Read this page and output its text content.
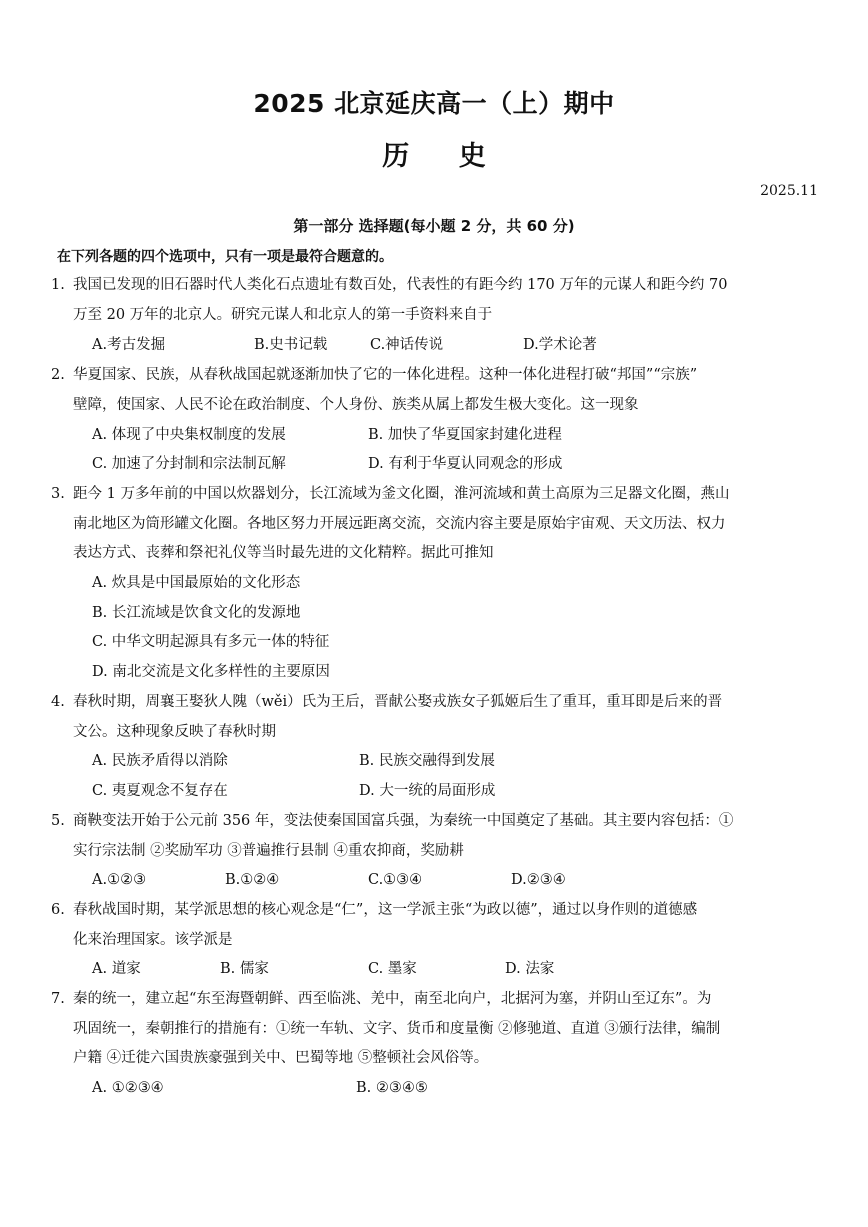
2025 北京延庆高一（上）期中
历 史
2025.11
第一部分 选择题(每小题 2 分，共 60 分)
在下列各题的四个选项中，只有一项是最符合题意的。
1. 我国已发现的旧石器时代人类化石点遗址有数百处，代表性的有距今约 170 万年的元谋人和距今约 70
万至 20 万年的北京人。研究元谋人和北京人的第一手资料来自于
A.考古发掘	B.史书记载	C.神话传说	D.学术论著
2. 华夏国家、民族，从春秋战国起就逐渐加快了它的一体化进程。这种一体化进程打破“邦国”“宗族”
壁障，使国家、人民不论在政治制度、个人身份、族类从属上都发生极大变化。这一现象
A. 体现了中央集权制度的发展	B. 加快了华夏国家封建化进程
C. 加速了分封制和宗法制瓦解	D. 有利于华夏认同观念的形成
3. 距今 1 万多年前的中国以炊器划分，长江流域为釜文化圈，淮河流域和黄土高原为三足器文化圈，燕山
南北地区为筒形罐文化圈。各地区努力开展远距离交流，交流内容主要是原始宇宙观、天文历法、权力
表达方式、丧葬和祭祀礼仪等当时最先进的文化精粹。据此可推知
A. 炊具是中国最原始的文化形态
B. 长江流域是饮食文化的发源地
C. 中华文明起源具有多元一体的特征
D. 南北交流是文化多样性的主要原因
4. 春秋时期，周襄王娶狄人隗（wěi）氏为王后，晋献公娶戎族女子狐姬后生了重耳，重耳即是后来的晋
文公。这种现象反映了春秋时期
A. 民族矛盾得以消除	B. 民族交融得到发展
C. 夷夏观念不复存在	D. 大一统的局面形成
5. 商鞅变法开始于公元前 356 年，变法使秦国国富兵强，为秦统一中国奠定了基础。其主要内容包括：①
实行宗法制 ②奖励军功 ③普遍推行县制 ④重农抑商，奖励耕
A.①②③	B.①②④	C.①③④	D.②③④
6. 春秋战国时期，某学派思想的核心观念是“仁”，这一学派主张“为政以德”，通过以身作则的道德感
化来治理国家。该学派是
A. 道家	B. 儒家	C. 墨家	D. 法家
7. 秦的统一，建立起“东至海暨朝鲜、西至临洮、羌中，南至北向户，北据河为塞，并阴山至辽东”。为
巩固统一，秦朝推行的措施有：①统一车轨、文字、货币和度量衡 ②修驰道、直道 ③颁行法律，编制
户籍 ④迁徙六国贵族豪强到关中、巴蜀等地 ⑤整顿社会风俗等。
A. ①②③④	B. ②③④⑤
